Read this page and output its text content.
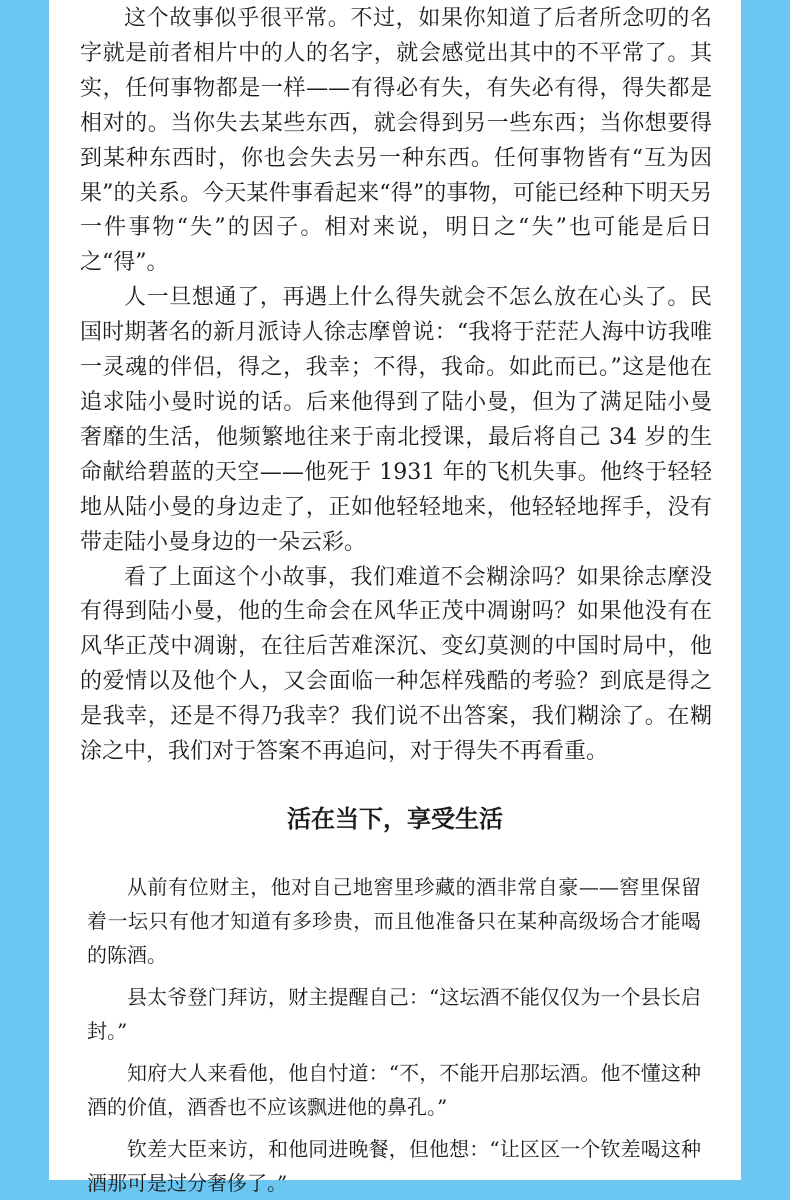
这个故事似乎很平常。不过，如果你知道了后者所念叨的名字就是前者相片中的人的名字，就会感觉出其中的不平常了。其实，任何事物都是一样——有得必有失，有失必有得，得失都是相对的。当你失去某些东西，就会得到另一些东西；当你想要得到某种东西时，你也会失去另一种东西。任何事物皆有“互为因果”的关系。今天某件事看起来“得”的事物，可能已经种下明天另一件事物“失”的因子。相对来说，明日之“失”也可能是后日之“得”。

人一旦想通了，再遇上什么得失就会不怎么放在心头了。民国时期著名的新月派诗人徐志摩曾说：“我将于茫茫人海中访我唯一灵魂的伴侣，得之，我幸；不得，我命。如此而已。”这是他在追求陆小曼时说的话。后来他得到了陆小曼，但为了满足陆小曼奢靡的生活，他频繁地往来于南北授课，最后将自己 34 岁的生命献给碧蓝的天空——他死于 1931 年的飞机失事。他终于轻轻地从陆小曼的身边走了，正如他轻轻地来，他轻轻地挥手，没有带走陆小曼身边的一朵云彩。

看了上面这个小故事，我们难道不会糊涂吗？如果徐志摩没有得到陆小曼，他的生命会在风华正茂中凋谢吗？如果他没有在风华正茂中凋谢，在往后苦难深沉、变幻莫测的中国时局中，他的爱情以及他个人，又会面临一种怎样残酷的考验？到底是得之是我幸，还是不得乃我幸？我们说不出答案，我们糊涂了。在糊涂之中，我们对于答案不再追问，对于得失不再看重。

活在当下，享受生活

从前有位财主，他对自己地窖里珍藏的酒非常自豪——窖里保留着一坛只有他才知道有多珍贵，而且他准备只在某种高级场合才能喝的陈酒。

县太爷登门拜访，财主提醒自己：“这坛酒不能仅仅为一个县长启封。”

知府大人来看他，他自忖道：“不，不能开启那坛酒。他不懂这种酒的价值，酒香也不应该飘进他的鼻孔。”

钦差大臣来访，和他同进晚餐，但他想：“让区区一个钦差喝这种酒那可是过分奢侈了。”
